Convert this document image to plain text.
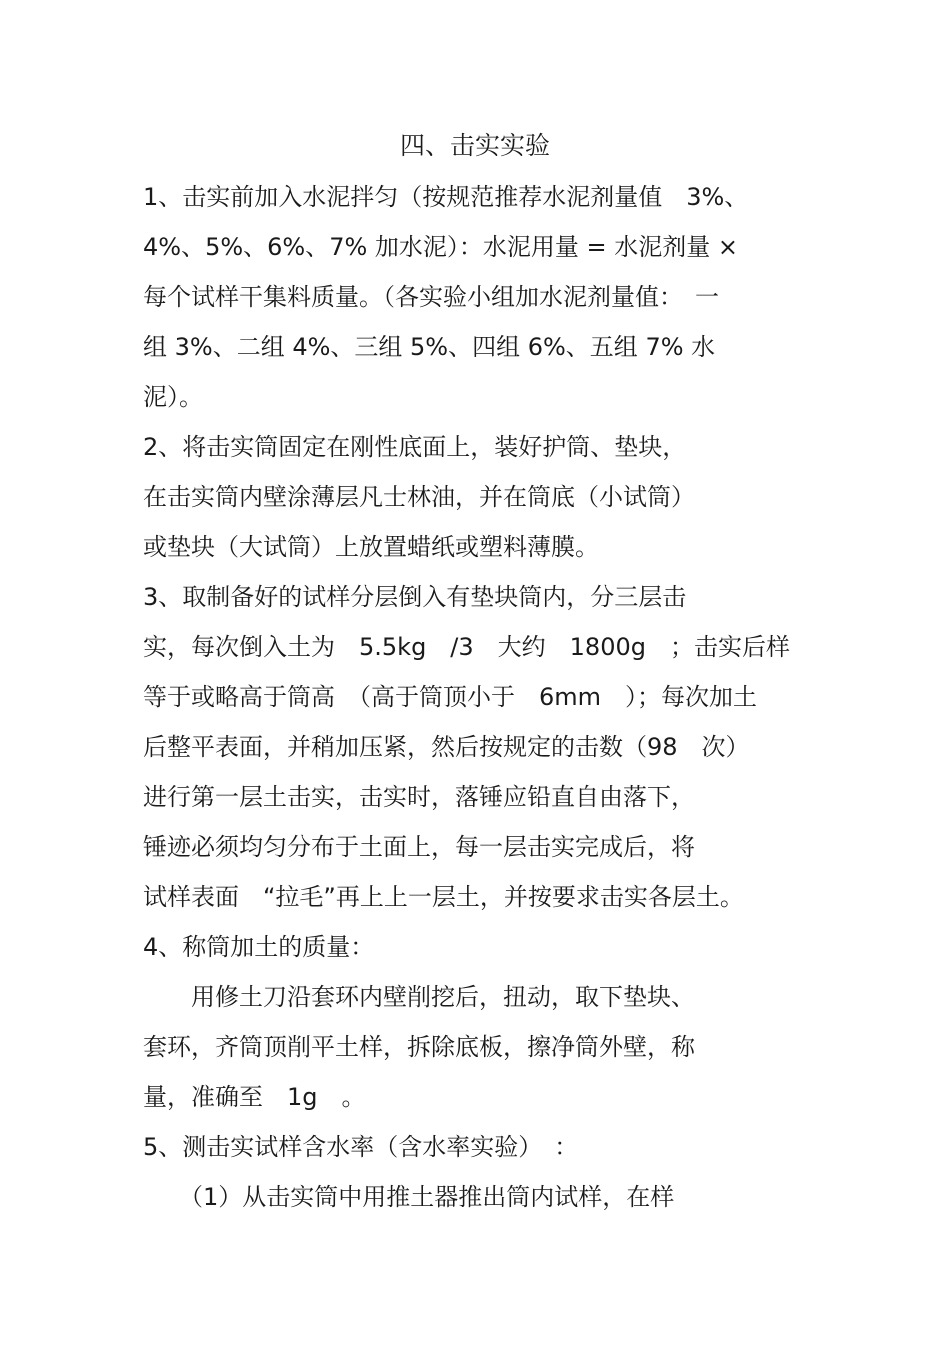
四、击实实验
1、击实前加入水泥拌匀（按规范推荐水泥剂量值　3%、
4%、5%、6%、7% 加水泥）：水泥用量 = 水泥剂量 ×
每个试样干集料质量。（各实验小组加水泥剂量值：　一
组 3%、二组 4%、三组 5%、四组 6%、五组 7% 水
泥）。
2、将击实筒固定在刚性底面上，装好护筒、垫块，
在击实筒内壁涂薄层凡士林油，并在筒底（小试筒）
或垫块（大试筒）上放置蜡纸或塑料薄膜。
3、取制备好的试样分层倒入有垫块筒内，分三层击
实，每次倒入土为　5.5kg　/3　大约　1800g　；击实后样
等于或略高于筒高　（高于筒顶小于　6mm　）；每次加土
后整平表面，并稍加压紧，然后按规定的击数（98　次）
进行第一层土击实，击实时，落锤应铅直自由落下，
锤迹必须均匀分布于土面上，每一层击实完成后，将
试样表面　“拉毛”再上上一层土，并按要求击实各层土。
4、称筒加土的质量：
　　用修土刀沿套环内壁削挖后，扭动，取下垫块、
套环，齐筒顶削平土样，拆除底板，擦净筒外壁，称
量，准确至　1g　。
5、测击实试样含水率（含水率实验）　：
　　（1）从击实筒中用推土器推出筒内试样，在样
